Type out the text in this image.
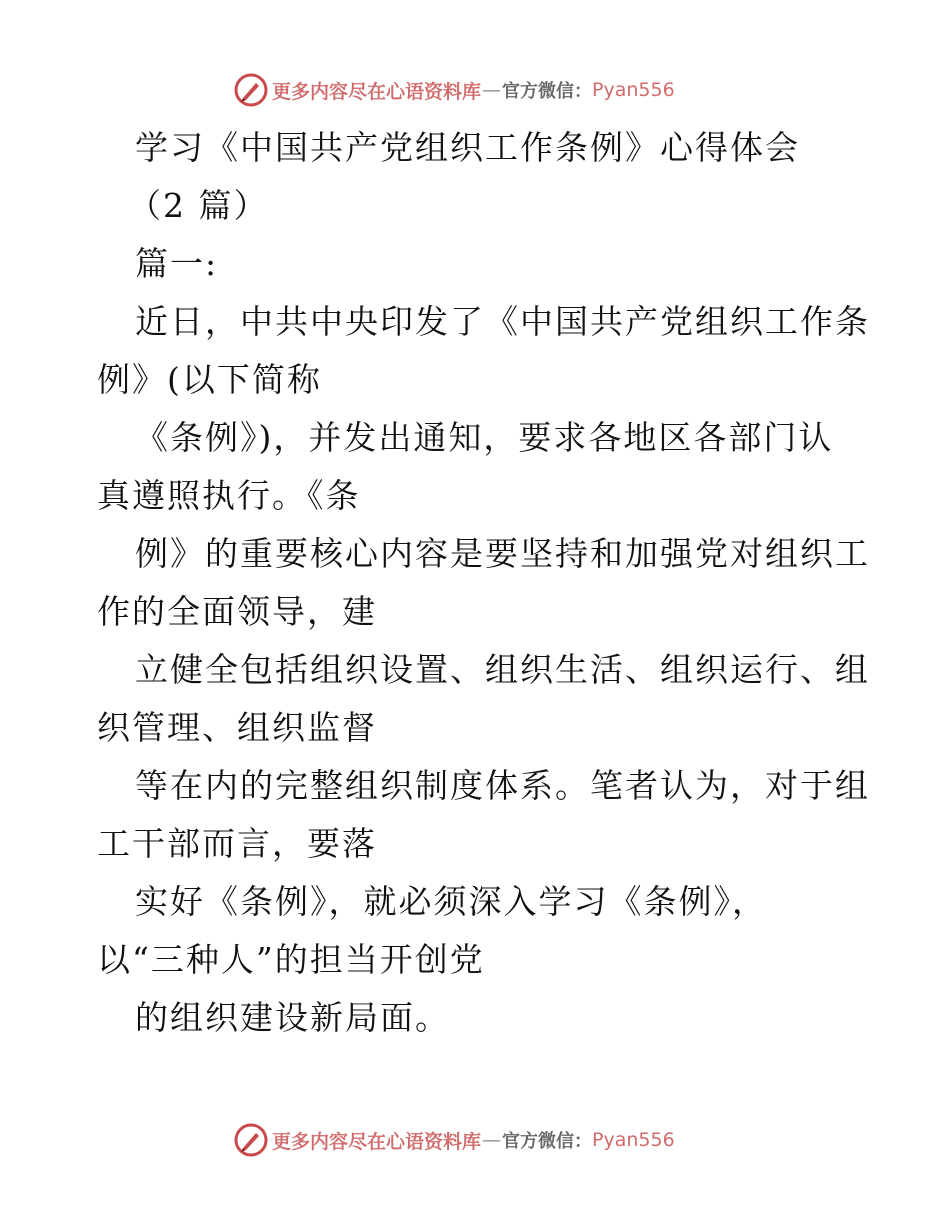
更多内容尽在心语资料库 — 官方微信： Pyan556
学习《中国共产党组织工作条例》心得体会
（2 篇）
篇一:
近日，中共中央印发了《中国共产党组织工作条
例》(以下简称
《条例》)，并发出通知，要求各地区各部门认
真遵照执行。《条
例》的重要核心内容是要坚持和加强党对组织工
作的全面领导，建
立健全包括组织设置、组织生活、组织运行、组
织管理、组织监督
等在内的完整组织制度体系。笔者认为，对于组
工干部而言，要落
实好《条例》，就必须深入学习《条例》，
以“三种人”的担当开创党
的组织建设新局面。
更多内容尽在心语资料库 — 官方微信： Pyan556
